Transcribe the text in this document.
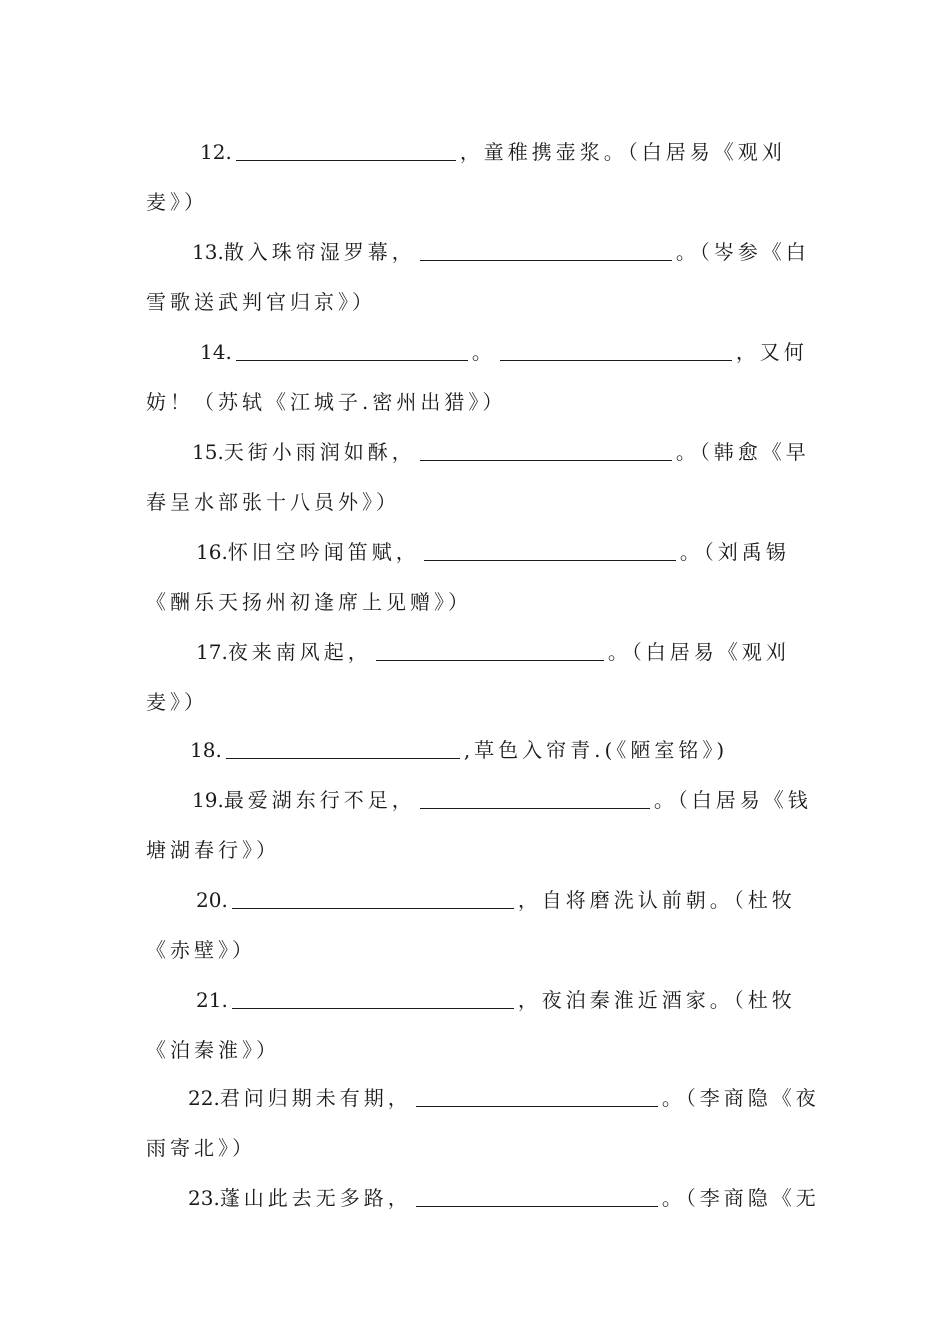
12.	，童稚携壶浆。（白居易《观刈
麦》）
13.散入珠帘湿罗幕，	。（岑参《白
雪歌送武判官归京》）
14.	。	，又何
妨！（苏轼《江城子.密州出猎》）
15.天街小雨润如酥，	。（韩愈《早
春呈水部张十八员外》）
16.怀旧空吟闻笛赋，	。（刘禹锡
《酬乐天扬州初逢席上见赠》）
17.夜来南风起，	。（白居易《观刈
麦》）
18.	,草色入帘青.(《陋室铭》)
19.最爱湖东行不足，	。（白居易《钱
塘湖春行》）
20.	，自将磨洗认前朝。（杜牧
《赤壁》）
21.	，夜泊秦淮近酒家。（杜牧
《泊秦淮》）
22.君问归期未有期，	。（李商隐《夜
雨寄北》）
23.蓬山此去无多路，	。（李商隐《无
